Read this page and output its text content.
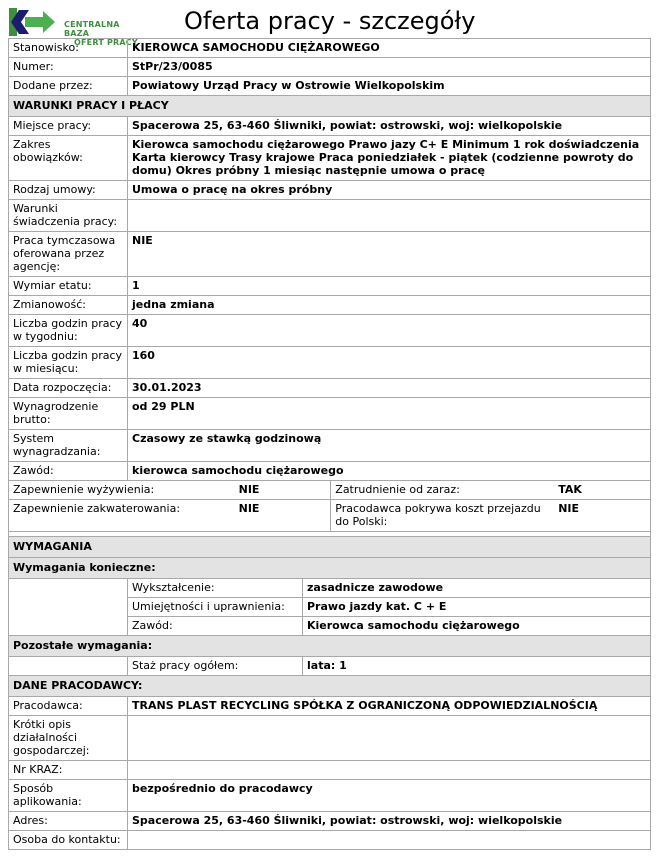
CENTRALNA BAZA
OFERT PRACY
Oferta pracy - szczegóły
Stanowisko:	KIEROWCA SAMOCHODU CIĘŻAROWEGO
Numer:	StPr/23/0085
Dodane przez:	Powiatowy Urząd Pracy w Ostrowie Wielkopolskim
WARUNKI PRACY I PŁACY
Miejsce pracy:	Spacerowa 25, 63-460 Śliwniki, powiat: ostrowski, woj: wielkopolskie
Zakres obowiązków:	Kierowca samochodu ciężarowego Prawo jazy C+ E Minimum 1 rok doświadczenia Karta kierowcy Trasy krajowe Praca poniedziałek - piątek (codzienne powroty do domu) Okres próbny 1 miesiąc następnie umowa o pracę
Rodzaj umowy:	Umowa o pracę na okres próbny
Warunki świadczenia pracy:	
Praca tymczasowa oferowana przez agencję:	NIE
Wymiar etatu:	1
Zmianowość:	jedna zmiana
Liczba godzin pracy w tygodniu:	40
Liczba godzin pracy w miesiącu:	160
Data rozpoczęcia:	30.01.2023
Wynagrodzenie brutto:	od 29 PLN
System wynagradzania:	Czasowy ze stawką godzinową
Zawód:	kierowca samochodu ciężarowego

Zapewnienie wyżywienia:	NIE	Zatrudnienie od zaraz:	TAK
Zapewnienie zakwaterowania:	NIE	Pracodawca pokrywa koszt przejazdu do Polski:	NIE

WYMAGANIA
Wymagania konieczne:

	Wykształcenie:	zasadnicze zawodowe
	Umiejętności i uprawnienia:	Prawo jazdy kat. C + E
	Zawód:	Kierowca samochodu ciężarowego

Pozostałe wymagania:

	Staż pracy ogółem:	lata: 1

DANE PRACODAWCY:
Pracodawca:	TRANS PLAST RECYCLING SPÓŁKA Z OGRANICZONĄ ODPOWIEDZIALNOŚCIĄ
Krótki opis działalności gospodarczej:	
Nr KRAZ:	
Sposób aplikowania:	bezpośrednio do pracodawcy
Adres:	Spacerowa 25, 63-460 Śliwniki, powiat: ostrowski, woj: wielkopolskie
Osoba do kontaktu:	
